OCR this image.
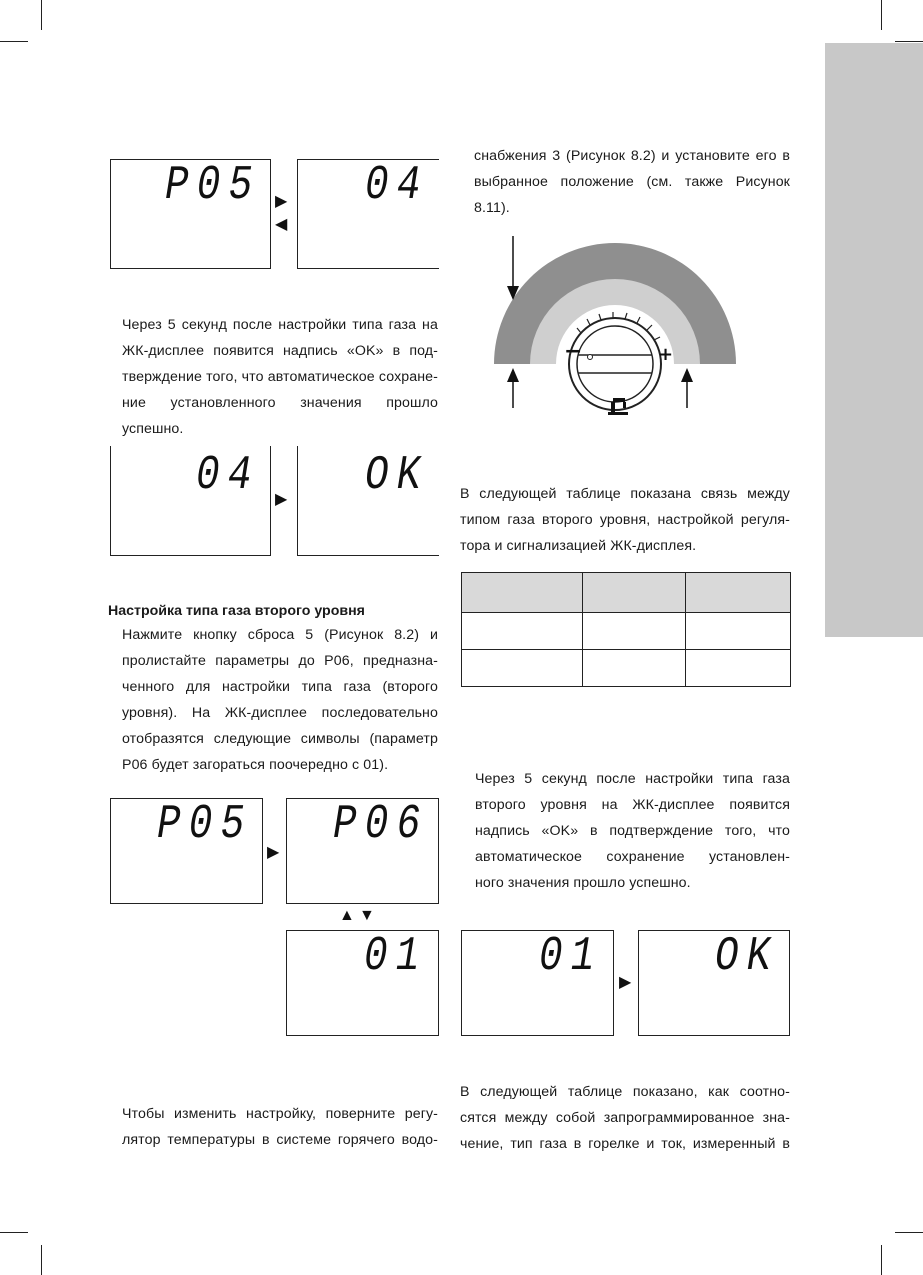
P05 ▶
◀
04
снабжения 3 (Рисунок 8.2) и установите его в
выбранное положение (см. также Рисунок 8.11).
−	+
Через 5 секунд после настройки типа газа на
ЖК-дисплее появится надпись «OK» в под-
тверждение того, что автоматическое сохране-
ние установленного значения прошло успешно.
04 ▶ OK В следующей таблице показана связь между
типом газа второго уровня, настройкой регуля-
тора и сигнализацией ЖК-дисплея.

Настройка типа газа второго уровня
Нажмите кнопку сброса 5 (Рисунок 8.2) и
пролистайте параметры до P06, предназна-
ченного для настройки типа газа (второго
уровня). На ЖК-дисплее последовательно
отобразятся следующие символы (параметр
P06 будет загораться поочередно с 01).
Через 5 секунд после настройки типа газа
второго уровня на ЖК-дисплее появится
надпись «OK» в подтверждение того, что
автоматическое сохранение установлен-
ного значения прошло успешно.
P05
▶
P06
▲ ▼
01 01 ▶ OK
Чтобы изменить настройку, поверните регу-
лятор температуры в системе горячего водо-
В следующей таблице показано, как соотно-
сятся между собой запрограммированное зна-
чение, тип газа в горелке и ток, измеренный в
